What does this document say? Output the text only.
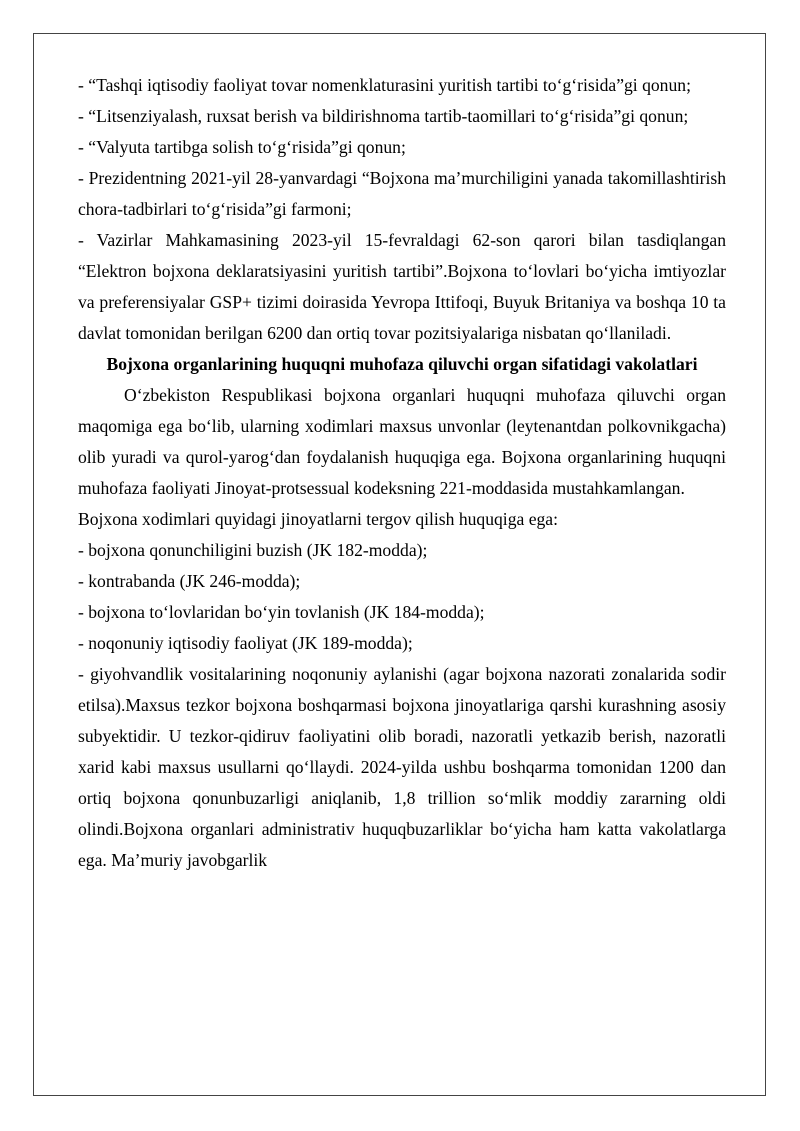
- “Tashqi iqtisodiy faoliyat tovar nomenklaturasini yuritish tartibi to‘g‘risida”gi qonun;

- “Litsenziyalash, ruxsat berish va bildirishnoma tartib-taomillari to‘g‘risida”gi qonun;

- “Valyuta tartibga solish to‘g‘risida”gi qonun;

- Prezidentning 2021-yil 28-yanvardagi “Bojxona ma’murchiligini yanada takomillashtirish chora-tadbirlari to‘g‘risida”gi farmoni;

- Vazirlar Mahkamasining 2023-yil 15-fevraldagi 62-son qarori bilan tasdiqlangan “Elektron bojxona deklaratsiyasini yuritish tartibi”.Bojxona to‘lovlari bo‘yicha imtiyozlar va preferensiyalar GSP+ tizimi doirasida Yevropa Ittifoqi, Buyuk Britaniya va boshqa 10 ta davlat tomonidan berilgan 6200 dan ortiq tovar pozitsiyalariga nisbatan qo‘llaniladi.

Bojxona organlarining huquqni muhofaza qiluvchi organ sifatidagi vakolatlari

O‘zbekiston Respublikasi bojxona organlari huquqni muhofaza qiluvchi organ maqomiga ega bo‘lib, ularning xodimlari maxsus unvonlar (leytenantdan polkovnikgacha) olib yuradi va qurol-yarog‘dan foydalanish huquqiga ega. Bojxona organlarining huquqni muhofaza faoliyati Jinoyat-protsessual kodeksning 221-moddasida mustahkamlangan.

Bojxona xodimlari quyidagi jinoyatlarni tergov qilish huquqiga ega:

- bojxona qonunchiligini buzish (JK 182-modda);

- kontrabanda (JK 246-modda);

- bojxona to‘lovlaridan bo‘yin tovlanish (JK 184-modda);

- noqonuniy iqtisodiy faoliyat (JK 189-modda);

- giyohvandlik vositalarining noqonuniy aylanishi (agar bojxona nazorati zonalarida sodir etilsa).Maxsus tezkor bojxona boshqarmasi bojxona jinoyatlariga qarshi kurashning asosiy subyektidir. U tezkor-qidiruv faoliyatini olib boradi, nazoratli yetkazib berish, nazoratli xarid kabi maxsus usullarni qo‘llaydi. 2024-yilda ushbu boshqarma tomonidan 1200 dan ortiq bojxona qonunbuzarligi aniqlanib, 1,8 trillion so‘mlik moddiy zararning oldi olindi.Bojxona organlari administrativ huquqbuzarliklar bo‘yicha ham katta vakolatlarga ega. Ma’muriy javobgarlik
